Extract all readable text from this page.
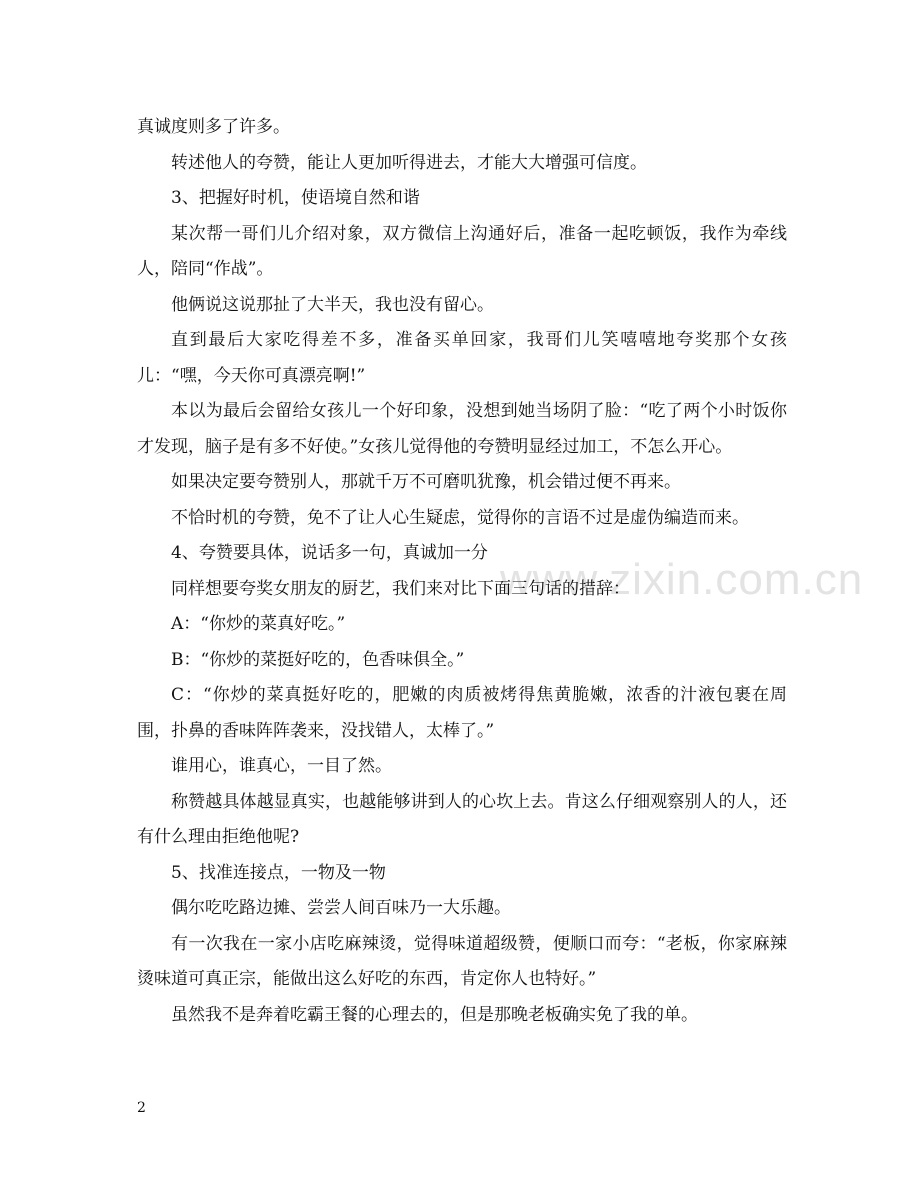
www.zixin.com.cn

真诚度则多了许多。

转述他人的夸赞，能让人更加听得进去，才能大大增强可信度。

3、把握好时机，使语境自然和谐

某次帮一哥们儿介绍对象，双方微信上沟通好后，准备一起吃顿饭，我作为牵线人，陪同“作战”。

他俩说这说那扯了大半天，我也没有留心。

直到最后大家吃得差不多，准备买单回家，我哥们儿笑嘻嘻地夸奖那个女孩儿：“嘿，今天你可真漂亮啊!”

本以为最后会留给女孩儿一个好印象，没想到她当场阴了脸：“吃了两个小时饭你才发现，脑子是有多不好使。”女孩儿觉得他的夸赞明显经过加工，不怎么开心。

如果决定要夸赞别人，那就千万不可磨叽犹豫，机会错过便不再来。

不恰时机的夸赞，免不了让人心生疑虑，觉得你的言语不过是虚伪编造而来。

4、夸赞要具体，说话多一句，真诚加一分

同样想要夸奖女朋友的厨艺，我们来对比下面三句话的措辞：

A：“你炒的菜真好吃。”

B：“你炒的菜挺好吃的，色香味俱全。”

C：“你炒的菜真挺好吃的，肥嫩的肉质被烤得焦黄脆嫩，浓香的汁液包裹在周围，扑鼻的香味阵阵袭来，没找错人，太棒了。”

谁用心，谁真心，一目了然。

称赞越具体越显真实，也越能够讲到人的心坎上去。肯这么仔细观察别人的人，还有什么理由拒绝他呢?

5、找准连接点，一物及一物

偶尔吃吃路边摊、尝尝人间百味乃一大乐趣。

有一次我在一家小店吃麻辣烫，觉得味道超级赞，便顺口而夸：“老板，你家麻辣烫味道可真正宗，能做出这么好吃的东西，肯定你人也特好。”

虽然我不是奔着吃霸王餐的心理去的，但是那晚老板确实免了我的单。

2
